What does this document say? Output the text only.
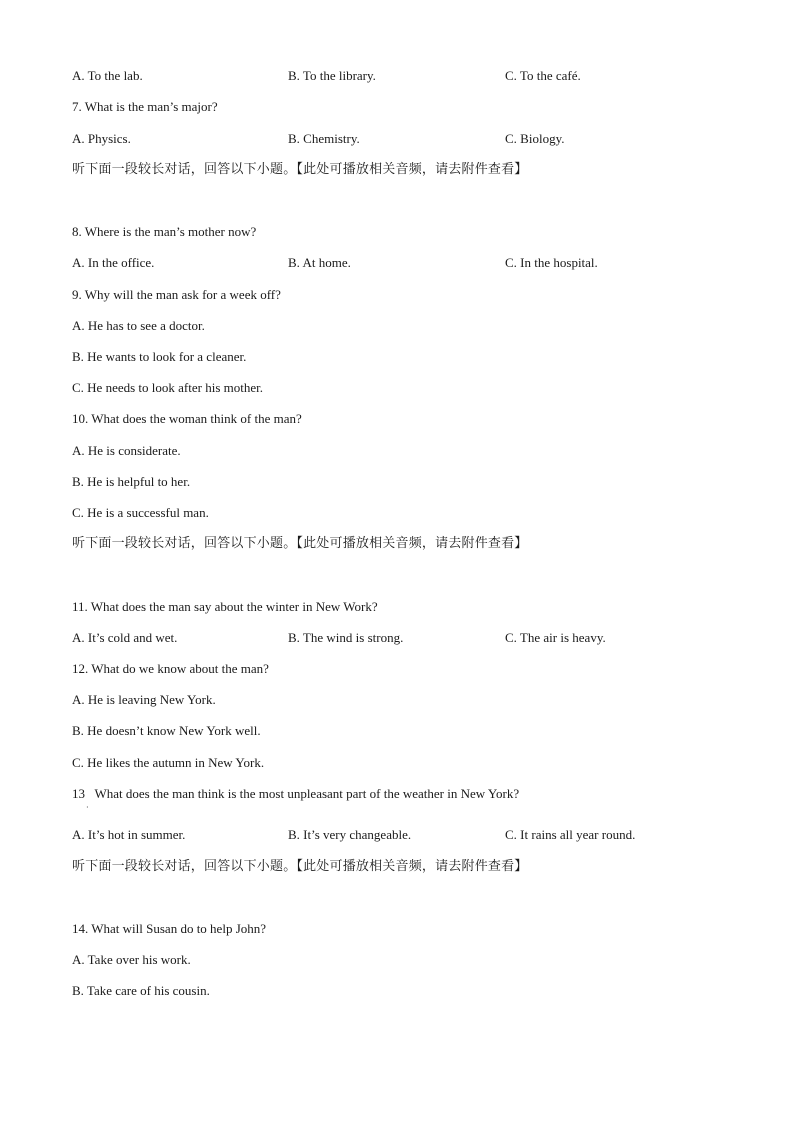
A. To the lab.	B. To the library.	C. To the café.
7. What is the man’s major?
A. Physics.	B. Chemistry.	C. Biology.
听下面一段较长对话，回答以下小题。【此处可播放相关音频，请去附件查看】
8. Where is the man’s mother now?
A. In the office.	B. At home.	C. In the hospital.
9. Why will the man ask for a week off?
A. He has to see a doctor.
B. He wants to look for a cleaner.
C. He needs to look after his mother.
10. What does the woman think of the man?
A. He is considerate.
B. He is helpful to her.
C. He is a successful man.
听下面一段较长对话，回答以下小题。【此处可播放相关音频，请去附件查看】
11. What does the man say about the winter in New Work?
A. It’s cold and wet.	B. The wind is strong.	C. The air is heavy.
12. What do we know about the man?
A. He is leaving New York.
B. He doesn’t know New York well.
C. He likes the autumn in New York.
13   What does the man think is the most unpleasant part of the weather in New York?
·
A. It’s hot in summer.	B. It’s very changeable.	C. It rains all year round.
听下面一段较长对话，回答以下小题。【此处可播放相关音频，请去附件查看】
14. What will Susan do to help John?
A. Take over his work.
B. Take care of his cousin.
